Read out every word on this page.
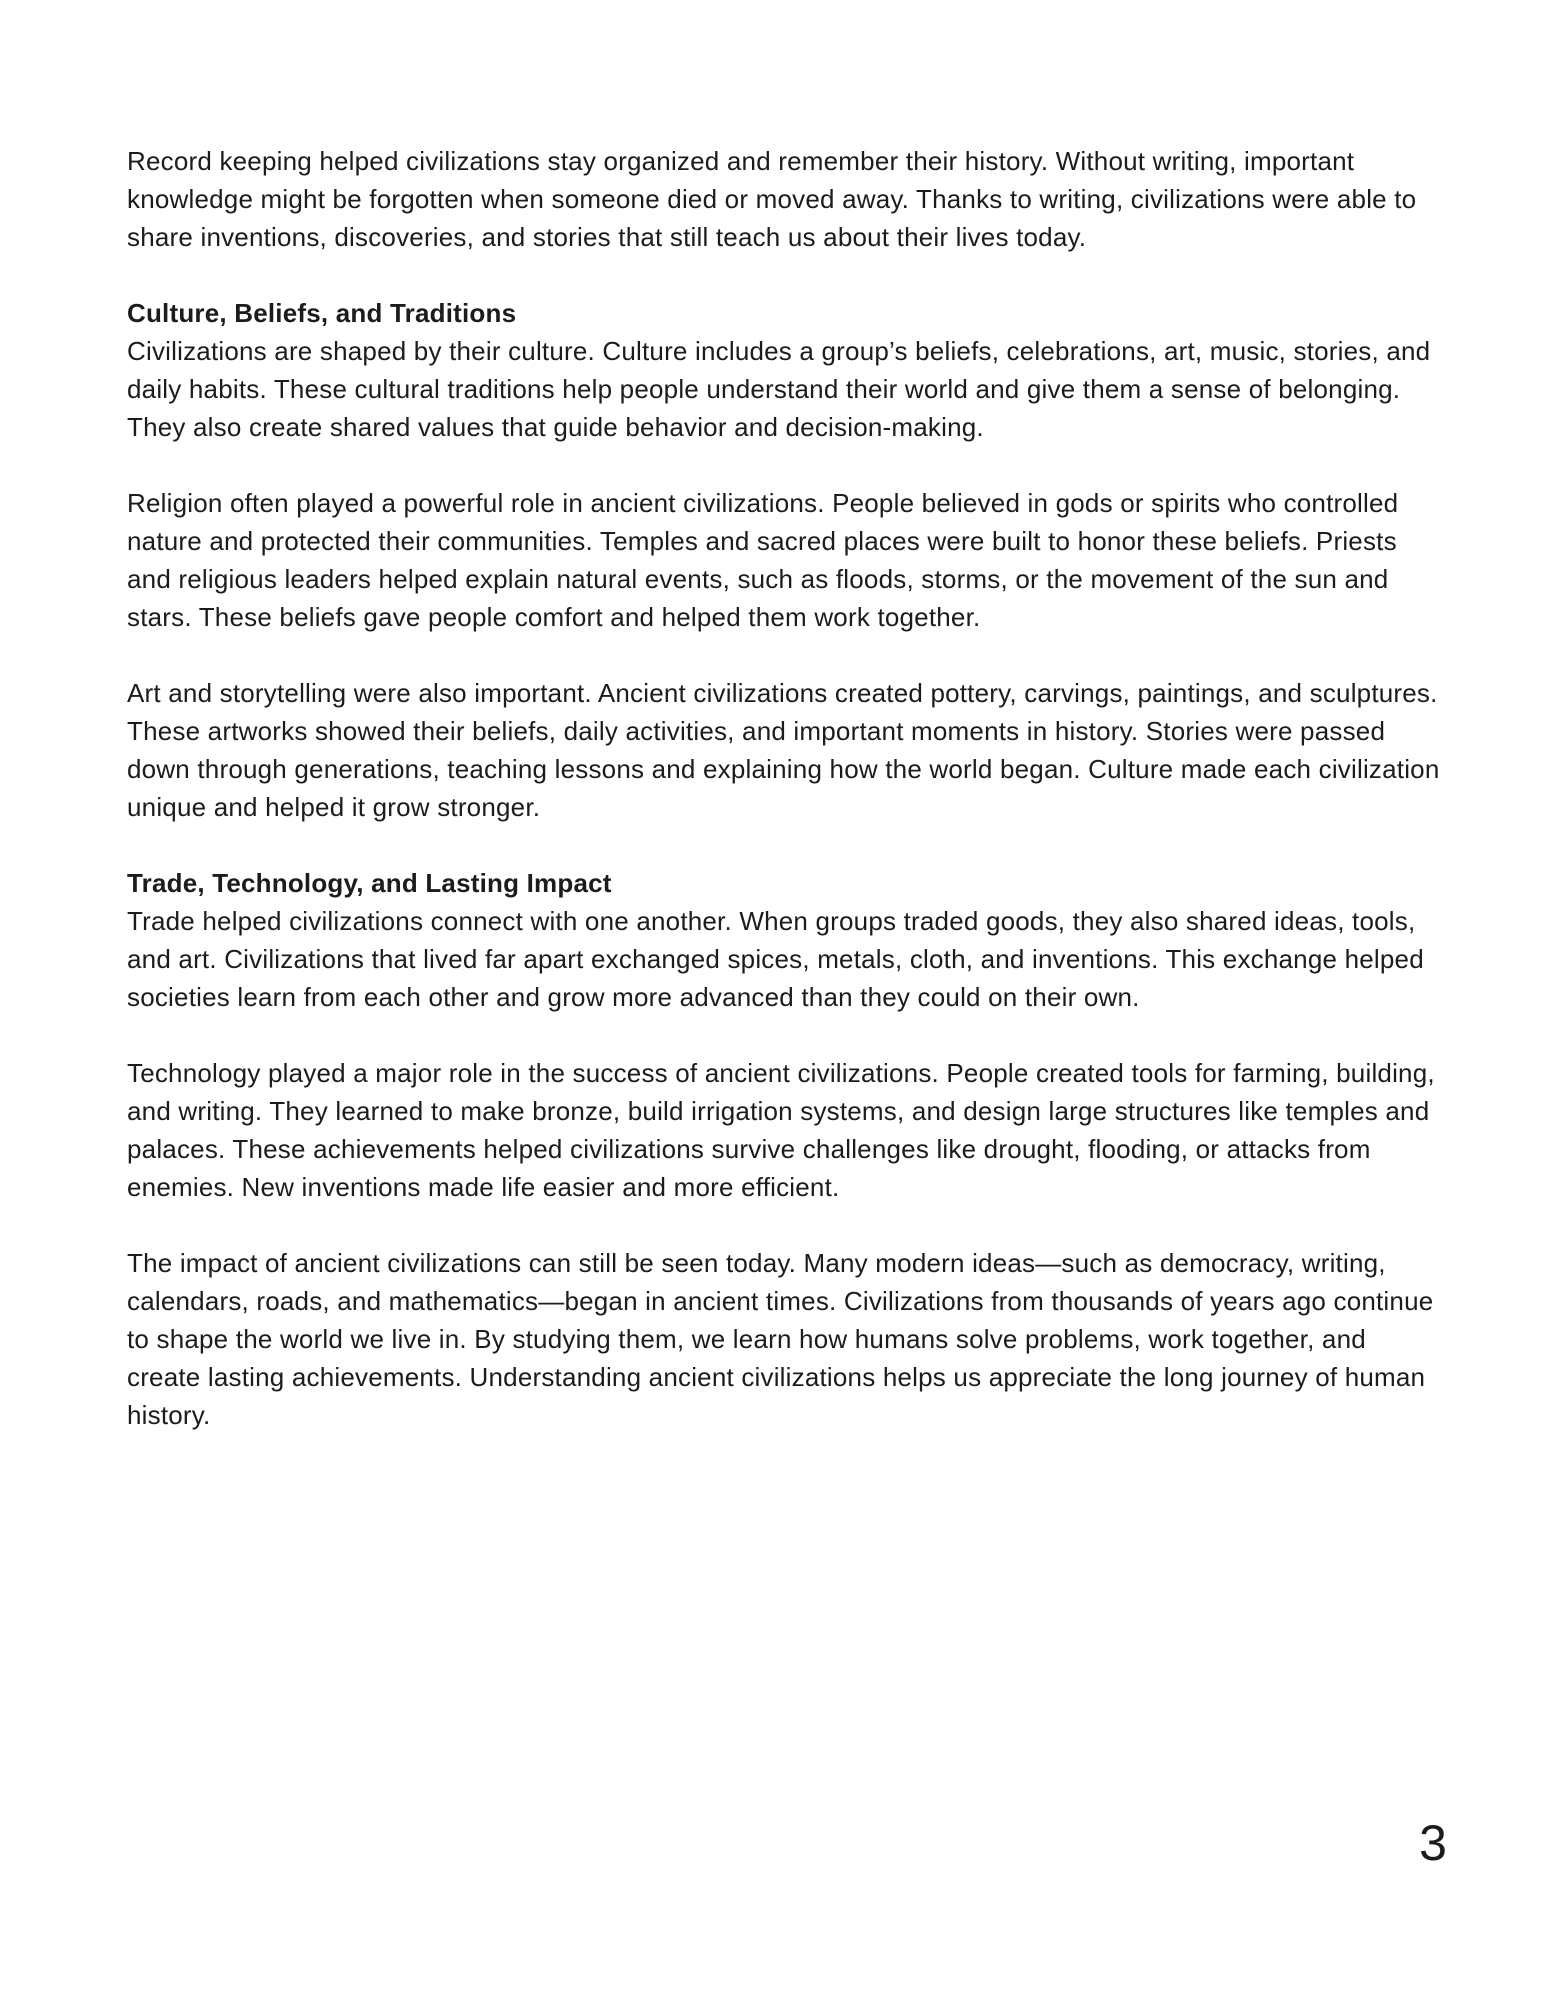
Record keeping helped civilizations stay organized and remember their history. Without writing, important knowledge might be forgotten when someone died or moved away. Thanks to writing, civilizations were able to share inventions, discoveries, and stories that still teach us about their lives today.

Culture, Beliefs, and Traditions

Civilizations are shaped by their culture. Culture includes a group’s beliefs, celebrations, art, music, stories, and daily habits. These cultural traditions help people understand their world and give them a sense of belonging. They also create shared values that guide behavior and decision-making.

Religion often played a powerful role in ancient civilizations. People believed in gods or spirits who controlled nature and protected their communities. Temples and sacred places were built to honor these beliefs. Priests and religious leaders helped explain natural events, such as floods, storms, or the movement of the sun and stars. These beliefs gave people comfort and helped them work together.

Art and storytelling were also important. Ancient civilizations created pottery, carvings, paintings, and sculptures. These artworks showed their beliefs, daily activities, and important moments in history. Stories were passed down through generations, teaching lessons and explaining how the world began. Culture made each civilization unique and helped it grow stronger.

Trade, Technology, and Lasting Impact

Trade helped civilizations connect with one another. When groups traded goods, they also shared ideas, tools, and art. Civilizations that lived far apart exchanged spices, metals, cloth, and inventions. This exchange helped societies learn from each other and grow more advanced than they could on their own.

Technology played a major role in the success of ancient civilizations. People created tools for farming, building, and writing. They learned to make bronze, build irrigation systems, and design large structures like temples and palaces. These achievements helped civilizations survive challenges like drought, flooding, or attacks from enemies. New inventions made life easier and more efficient.

The impact of ancient civilizations can still be seen today. Many modern ideas—such as democracy, writing, calendars, roads, and mathematics—began in ancient times. Civilizations from thousands of years ago continue to shape the world we live in. By studying them, we learn how humans solve problems, work together, and create lasting achievements. Understanding ancient civilizations helps us appreciate the long journey of human history.

3
